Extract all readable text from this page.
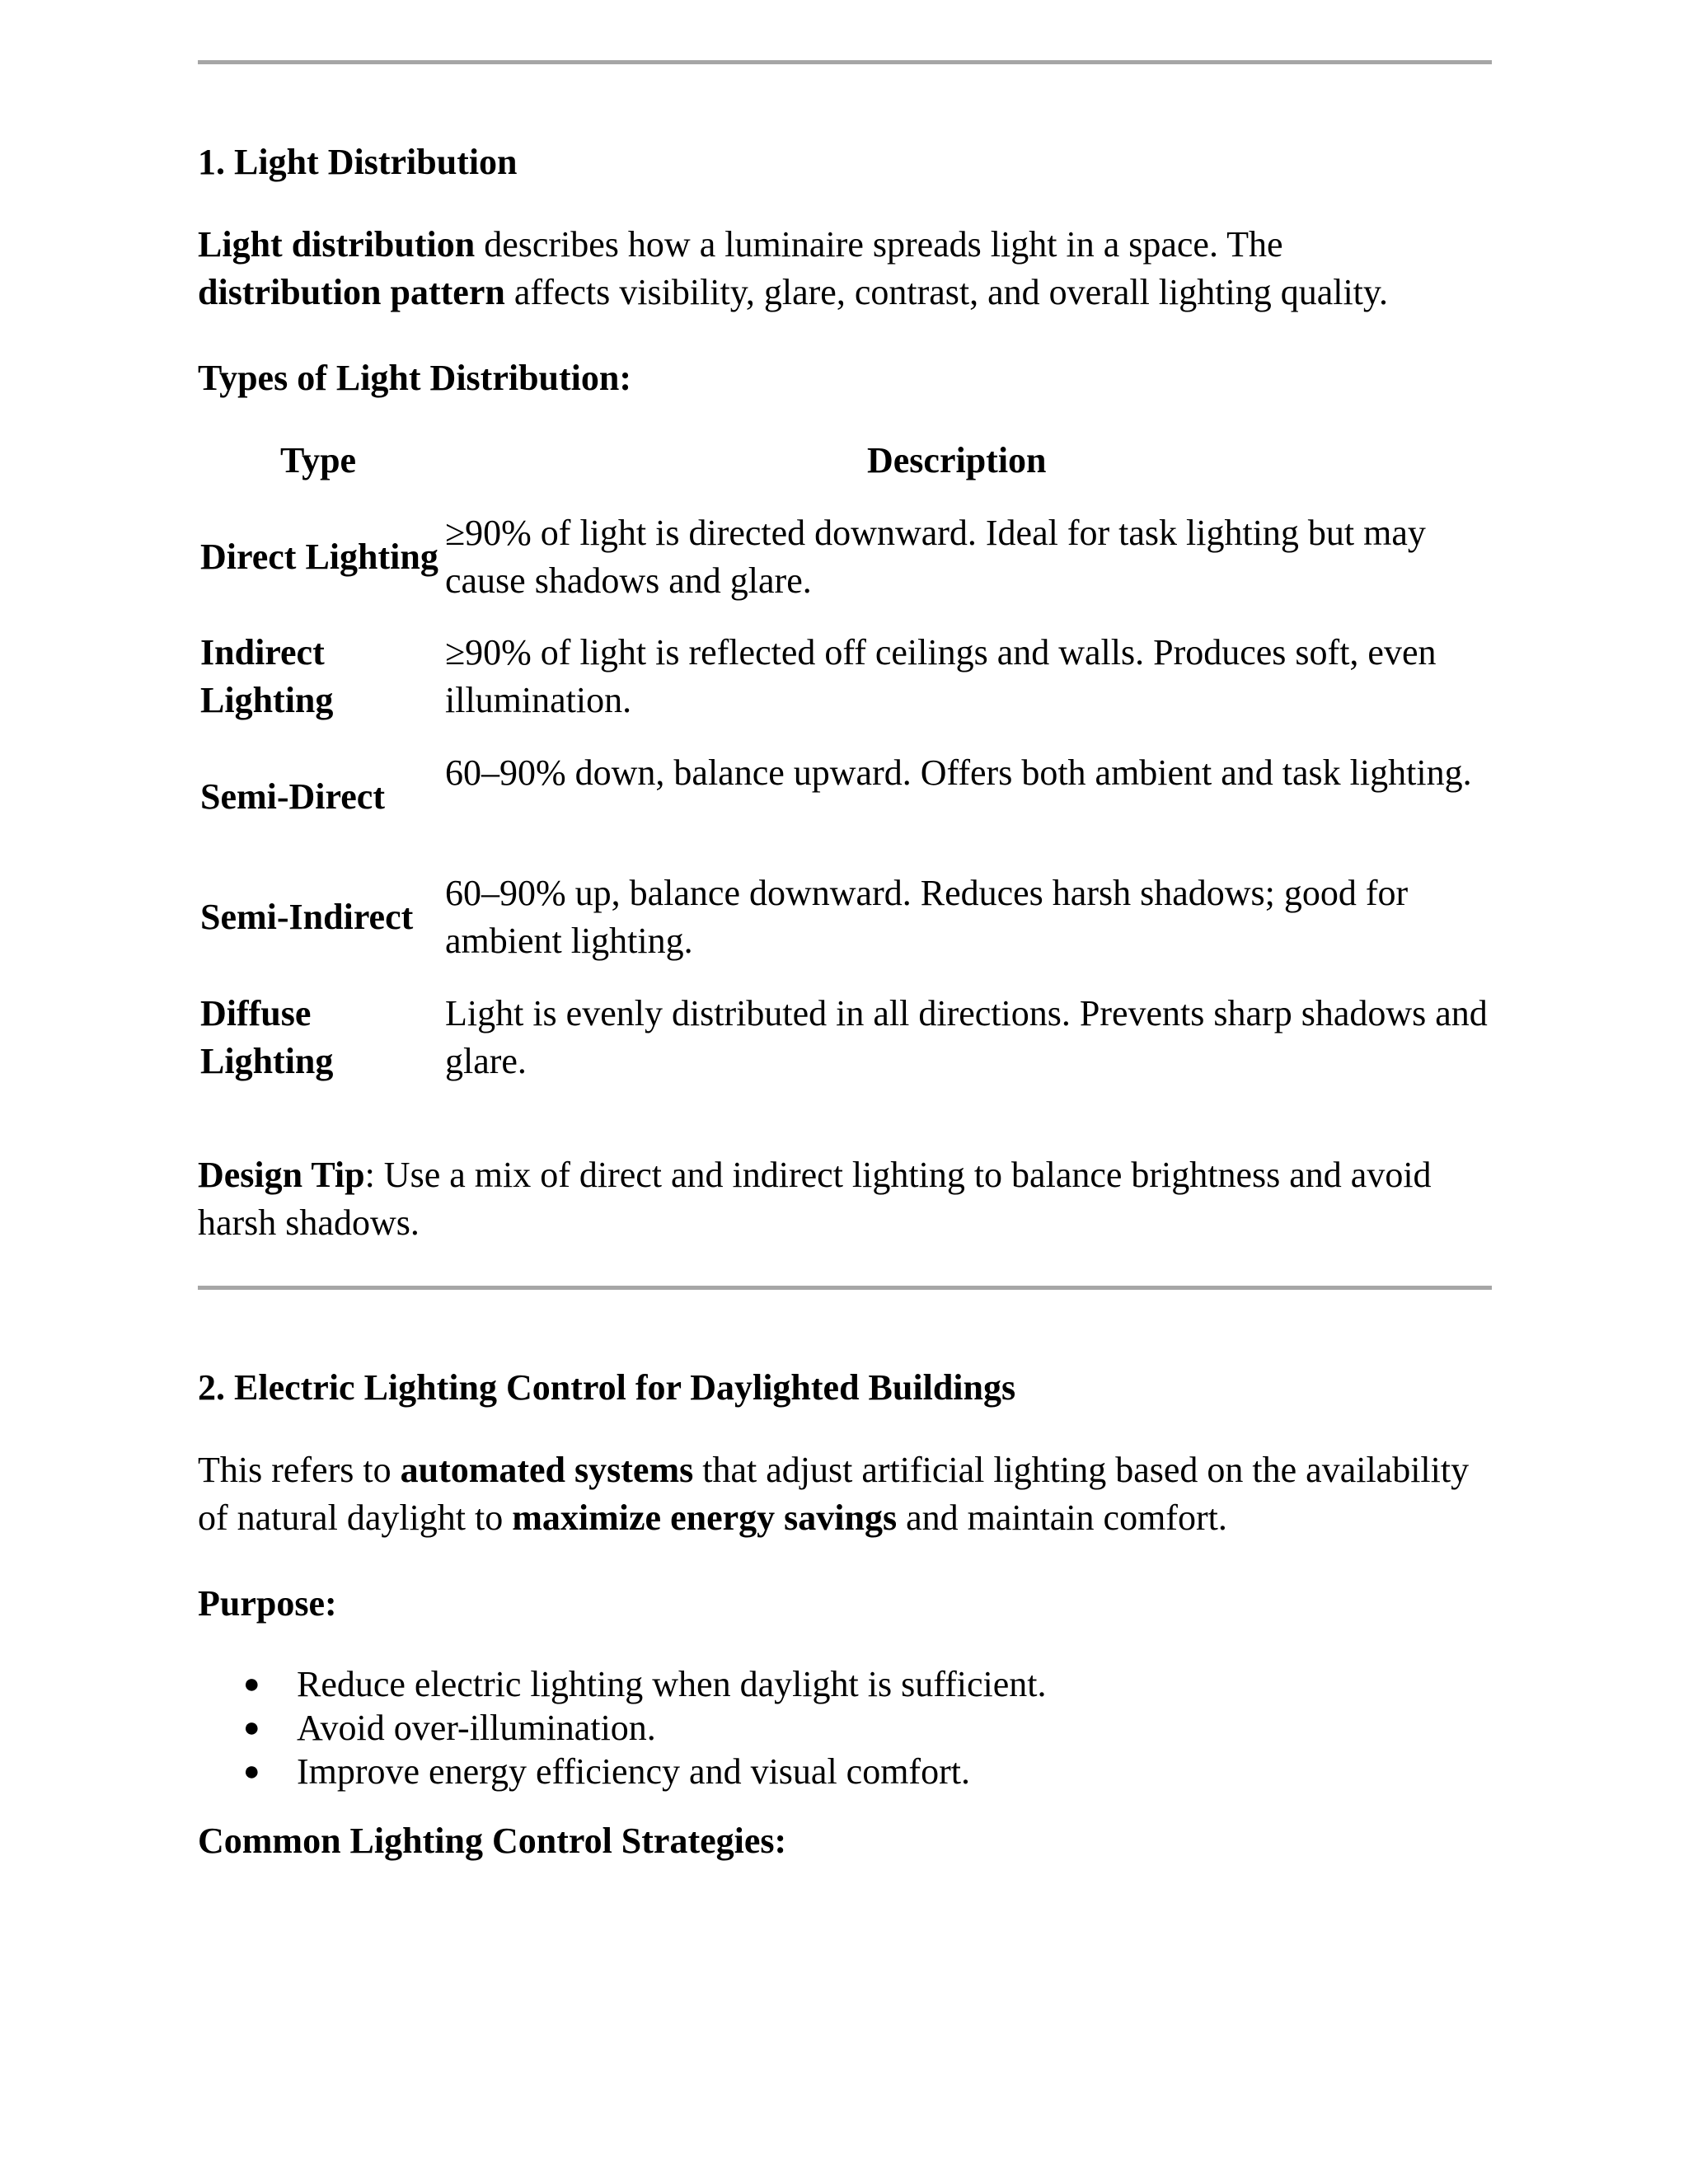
1. Light Distribution
Light distribution describes how a luminaire spreads light in a space. The
distribution pattern affects visibility, glare, contrast, and overall lighting quality.
Types of Light Distribution:
Type	Description
Direct Lighting
≥90% of light is directed downward. Ideal for task lighting but may cause shadows and glare.
Indirect Lighting
≥90% of light is reflected off ceilings and walls. Produces soft, even illumination.
Semi-Direct
60–90% down, balance upward. Offers both ambient and task lighting.
Semi-Indirect
60–90% up, balance downward. Reduces harsh shadows; good for ambient lighting.
Diffuse Lighting
Light is evenly distributed in all directions. Prevents sharp shadows and glare.
Design Tip: Use a mix of direct and indirect lighting to balance brightness and avoid harsh shadows.
2. Electric Lighting Control for Daylighted Buildings
This refers to automated systems that adjust artificial lighting based on the availability of natural daylight to maximize energy savings and maintain comfort.
Purpose:
● Reduce electric lighting when daylight is sufficient.
● Avoid over-illumination.
● Improve energy efficiency and visual comfort.
Common Lighting Control Strategies:
